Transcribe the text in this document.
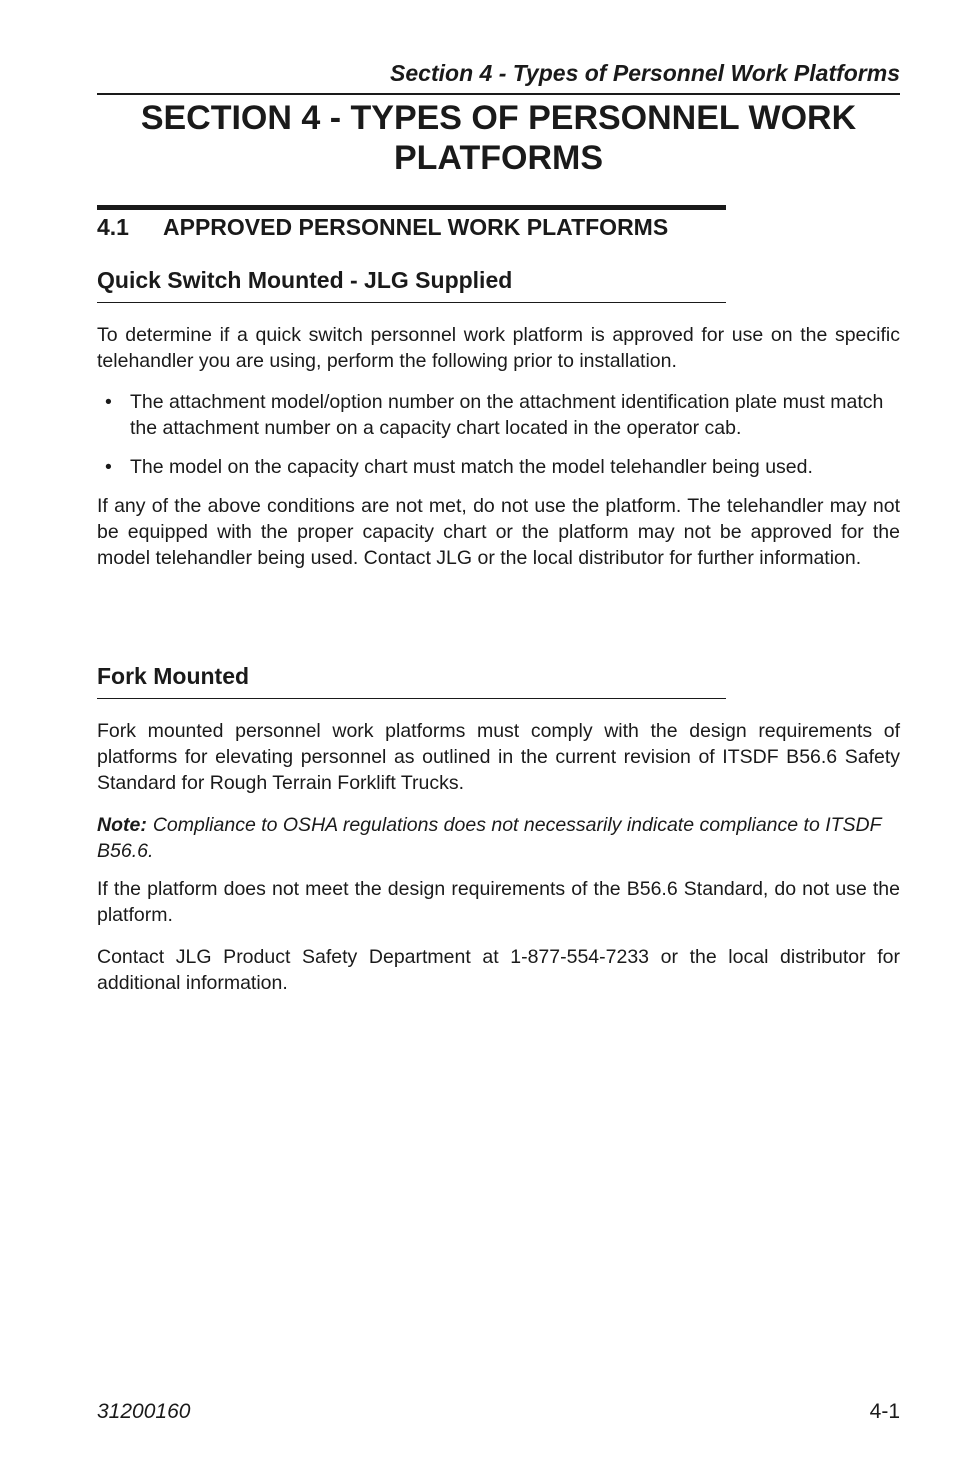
Section 4 - Types of Personnel Work Platforms
SECTION 4 - TYPES OF PERSONNEL WORK
PLATFORMS
4.1 APPROVED PERSONNEL WORK PLATFORMS
Quick Switch Mounted - JLG Supplied

To determine if a quick switch personnel work platform is approved for use on the specific telehandler you are using, perform the following prior to installation.

• The attachment model/option number on the attachment identification plate must match the attachment number on a capacity chart located in the operator cab.
• The model on the capacity chart must match the model telehandler being used.

If any of the above conditions are not met, do not use the platform. The telehandler may not be equipped with the proper capacity chart or the platform may not be approved for the model telehandler being used. Contact JLG or the local distributor for further information.

Fork Mounted

Fork mounted personnel work platforms must comply with the design requirements of platforms for elevating personnel as outlined in the current revision of ITSDF B56.6 Safety Standard for Rough Terrain Forklift Trucks.

Note: Compliance to OSHA regulations does not necessarily indicate compliance to ITSDF B56.6.

If the platform does not meet the design requirements of the B56.6 Standard, do not use the platform.

Contact JLG Product Safety Department at 1-877-554-7233 or the local distributor for additional information.

31200160	4-1
